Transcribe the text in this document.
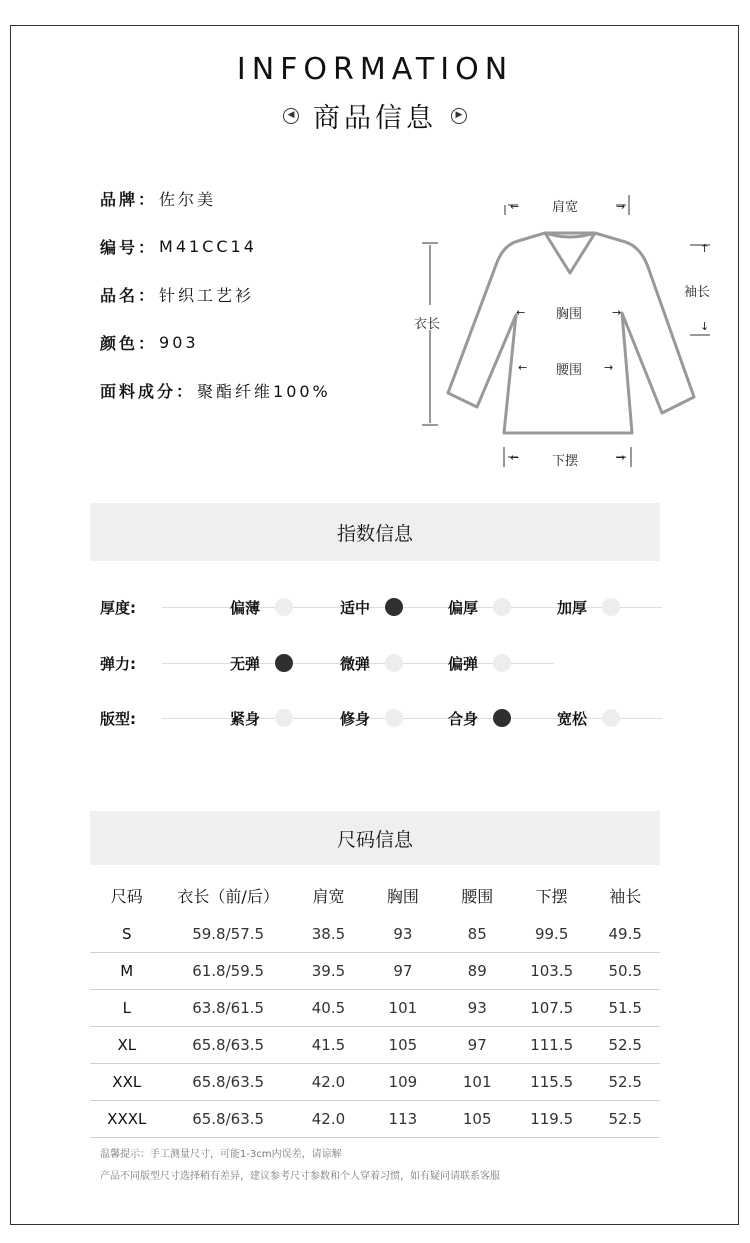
INFORMATION
◀ 商品信息	▶
品牌： 佐尔美
编号： M41CC14
品名： 针织工艺衫
颜色： 903
面料成分： 聚酯纤维100%
肩宽
袖长
衣长
胸围
腰围
下摆
↑
↓
←	→
←	→
←	→
←	→
指数信息
厚度:	偏薄	适中	偏厚	加厚
弹力:	无弹	微弹	偏弹
版型:	紧身	修身	合身	宽松
尺码信息
尺码	衣长（前/后）	肩宽	胸围	腰围	下摆	袖长
S	59.8/57.5	38.5	93	85	99.5	49.5
M	61.8/59.5	39.5	97	89	103.5	50.5
L	63.8/61.5	40.5	101	93	107.5	51.5
XL	65.8/63.5	41.5	105	97	111.5	52.5
XXL	65.8/63.5	42.0	109	101	115.5	52.5
XXXL	65.8/63.5	42.0	113	105	119.5	52.5
温馨提示：手工测量尺寸，可能1-3cm内误差，请谅解
产品不同版型尺寸选择稍有差异，建议参考尺寸参数和个人穿着习惯，如有疑问请联系客服
